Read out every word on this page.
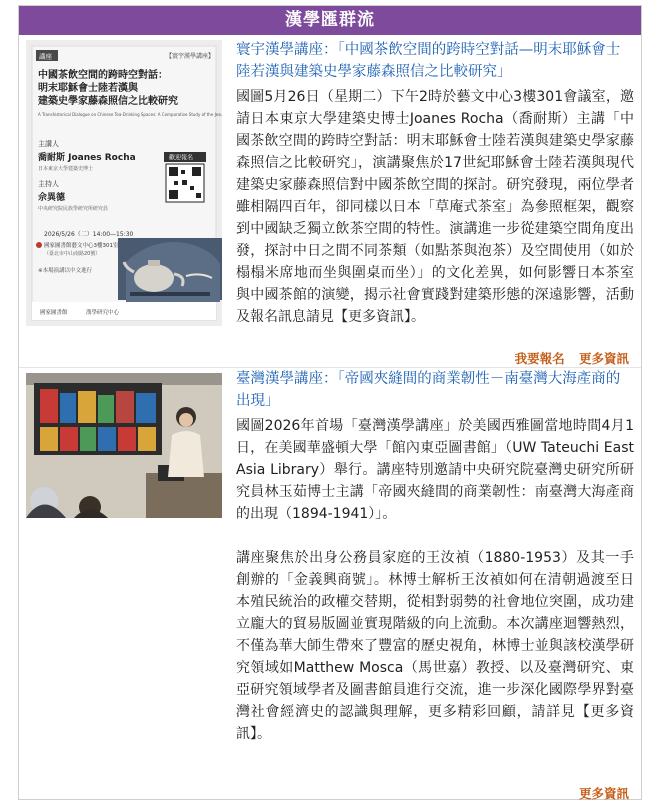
漢學匯群流
講座	【寰宇漢學講座】
中國茶飲空間的跨時空對話：
明末耶穌會士陸若漢與
建築史學家藤森照信之比較研究
A Transhistorical Dialogue on Chinese Tea-Drinking Spaces: A Comparative Study of the Jes
主講人
喬耐斯 Joanes Rocha
日本東京大學建築史博士
主持人
佘異德
中央研究院民族學研究所研究員
歡迎報名
2026/5/26（二）14:00—15:30
國家圖書館藝文中心3樓301室
（臺北市中山南路20號）
※本場演講以中文進行
國家圖書館	漢學研究中心

寰宇漢學講座：「中國茶飲空間的跨時空對話—明末耶穌會士陸若漢與建築史學家藤森照信之比較研究」

國圖5月26日（星期二）下午2時於藝文中心3樓301會議室，邀請日本東京大學建築史博士Joanes Rocha（喬耐斯）主講「中國茶飲空間的跨時空對話：明末耶穌會士陸若漢與建築史學家藤森照信之比較研究」，演講聚焦於17世紀耶穌會士陸若漢與現代建築史家藤森照信對中國茶飲空間的探討。研究發現，兩位學者雖相隔四百年，卻同樣以日本「草庵式茶室」為參照框架，觀察到中國缺乏獨立飲茶空間的特性。演講進一步從建築空間角度出發，探討中日之間不同茶類（如點茶與泡茶）及空間使用（如於榻榻米席地而坐與圍桌而坐）」的文化差異，如何影響日本茶室與中國茶館的演變，揭示社會實踐對建築形態的深遠影響，活動及報名訊息請見【更多資訊】。

我要報名 更多資訊

臺灣漢學講座：「帝國夾縫間的商業韌性－南臺灣大海產商的出現」

國圖2026年首場「臺灣漢學講座」於美國西雅圖當地時間4月1日，在美國華盛頓大學「館內東亞圖書館」（UW Tateuchi East Asia Library）舉行。講座特別邀請中央研究院臺灣史研究所研究員林玉茹博士主講「帝國夾縫間的商業韌性：南臺灣大海產商的出現（1894-1941）」。

講座聚焦於出身公務員家庭的王汝禎（1880-1953）及其一手創辦的「金義興商號」。林博士解析王汝禎如何在清朝過渡至日本殖民統治的政權交替期，從相對弱勢的社會地位突圍，成功建立龐大的貿易版圖並實現階級的向上流動。本次講座迴響熱烈，不僅為華大師生帶來了豐富的歷史視角，林博士並與該校漢學研究領域如Matthew Mosca（馬世嘉）教授、以及臺灣研究、東亞研究領域學者及圖書館員進行交流，進一步深化國際學界對臺灣社會經濟史的認識與理解，更多精彩回顧，請詳見【更多資訊】。

更多資訊
